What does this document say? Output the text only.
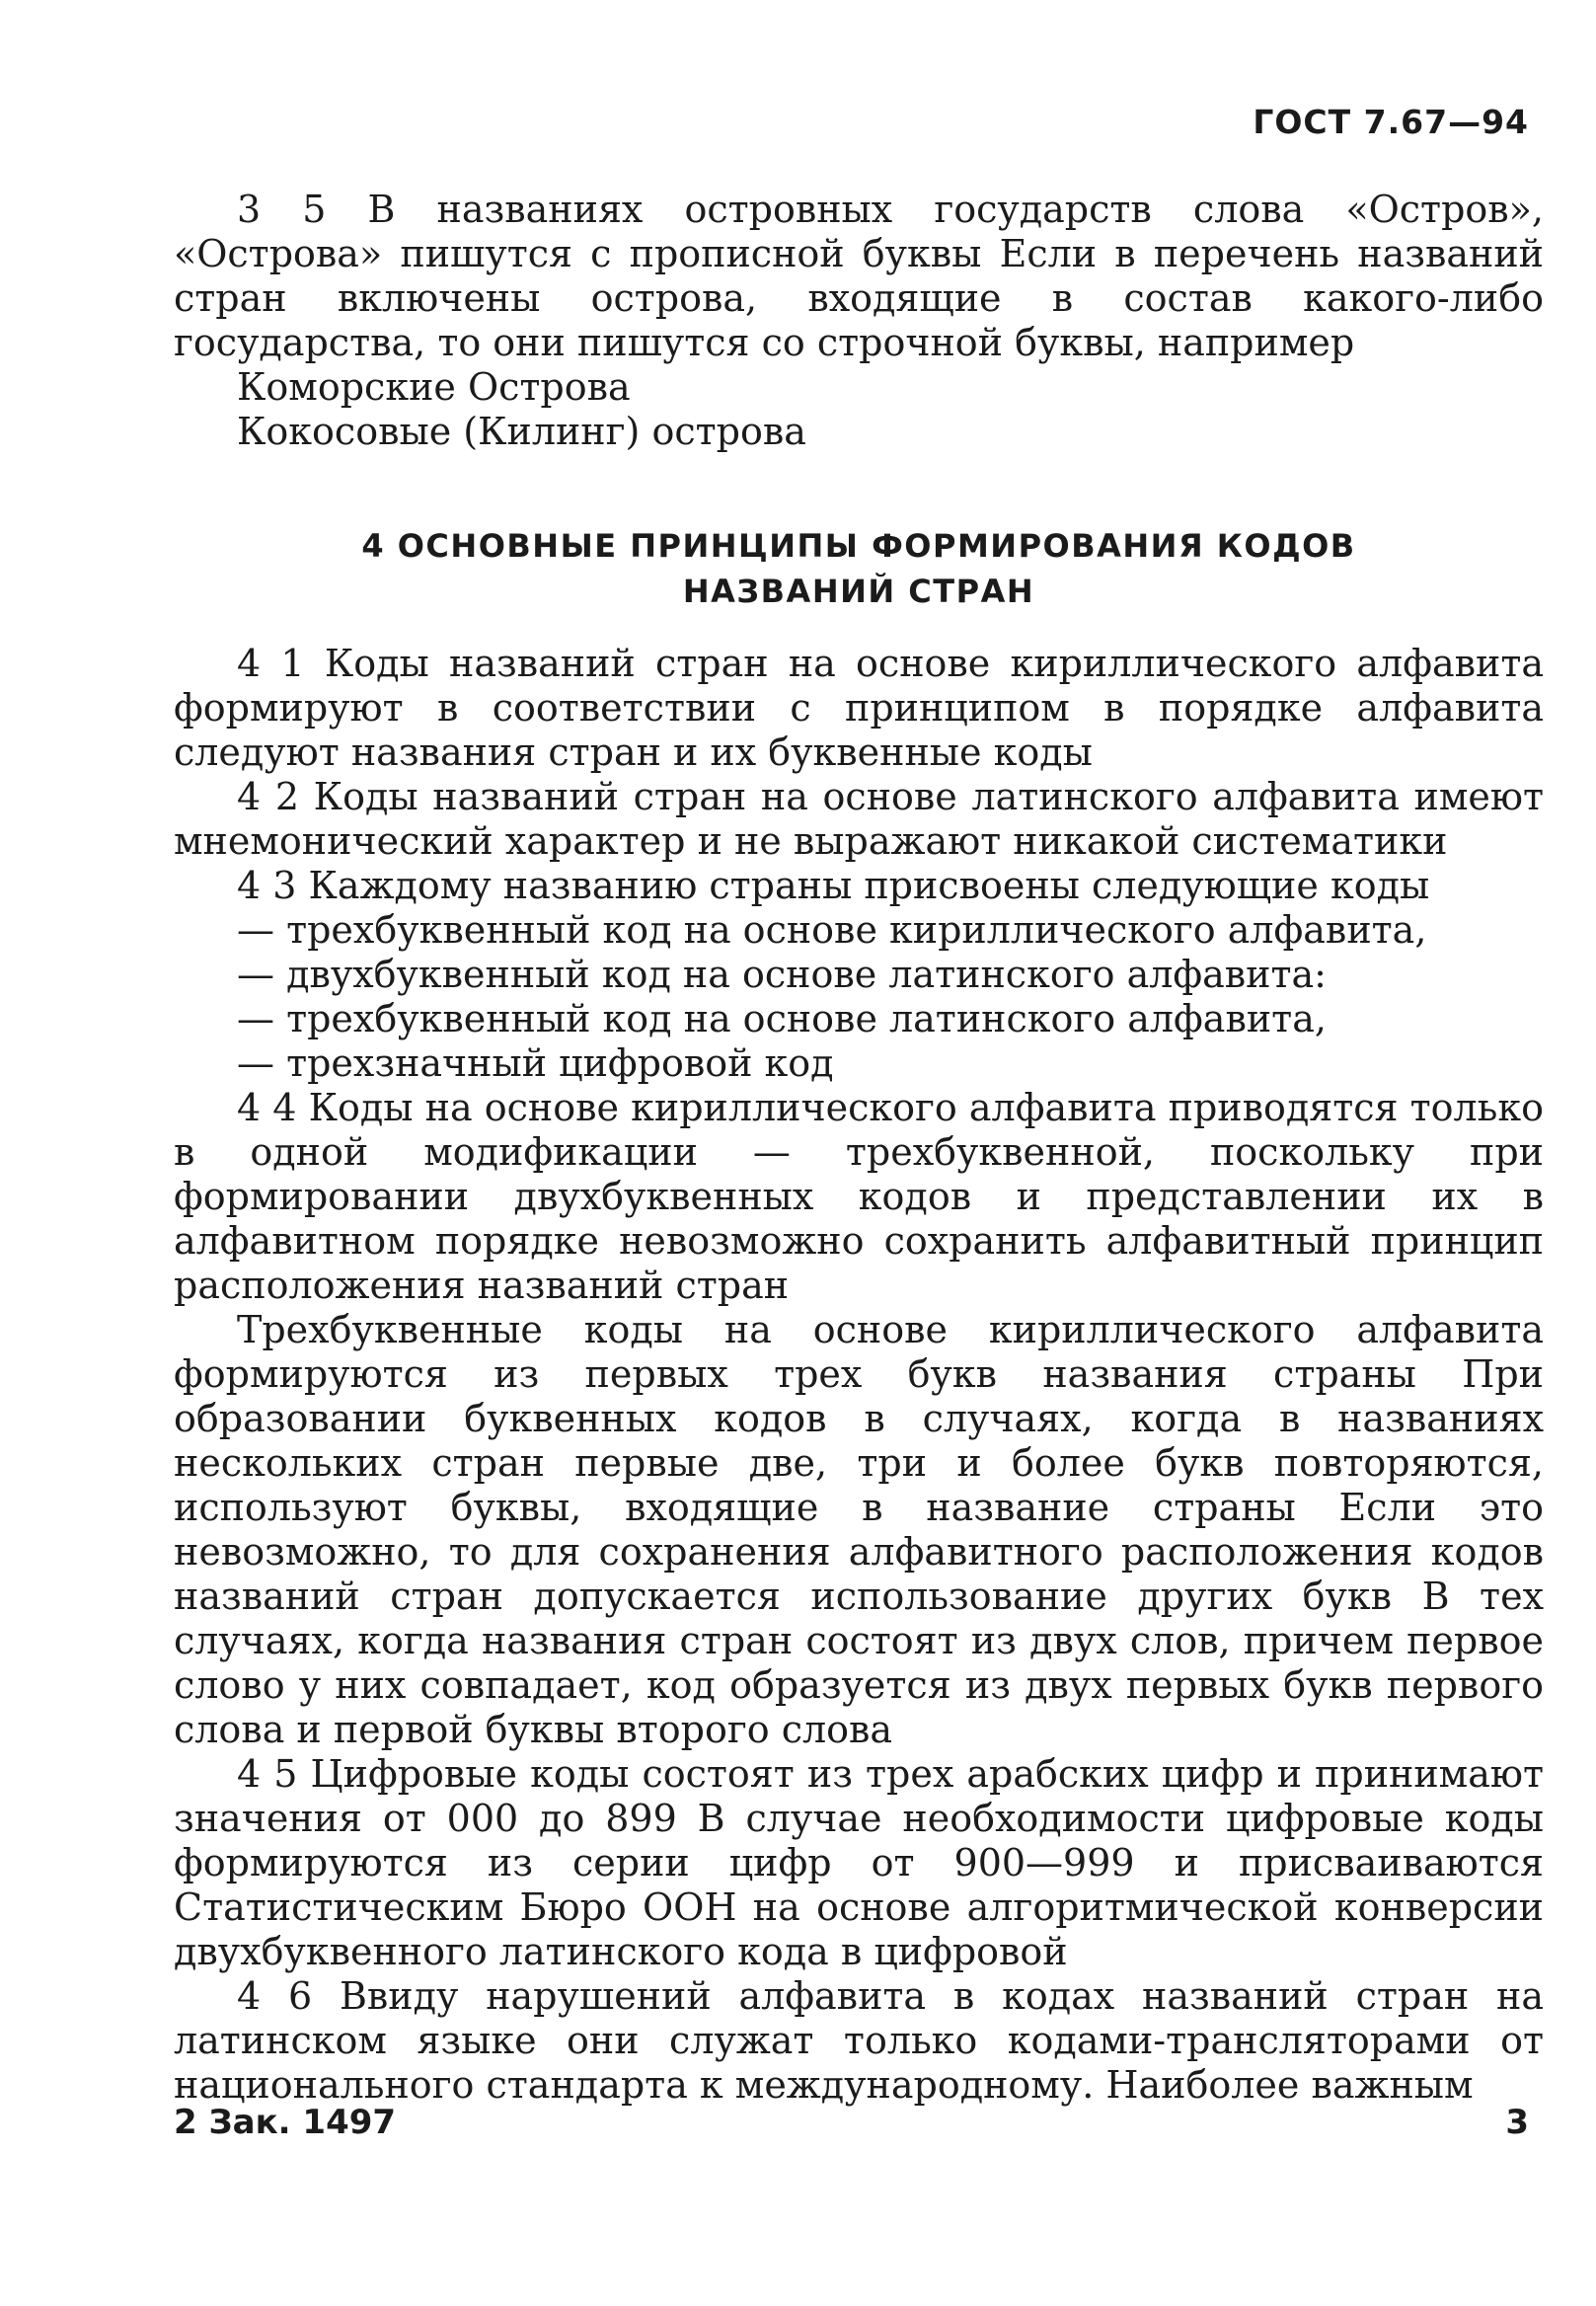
ГОСТ 7.67—94

3 5 В названиях островных государств слова «Остров», «Острова» пишутся с прописной буквы Если в перечень названий стран включены острова, входящие в состав какого-либо государства, то они пишутся со строчной буквы, например

Коморские Острова

Кокосовые (Килинг) острова

4 ОСНОВНЫЕ ПРИНЦИПЫ ФОРМИРОВАНИЯ КОДОВ
НАЗВАНИЙ СТРАН

4 1 Коды названий стран на основе кириллического алфавита формируют в соответствии с принципом в порядке алфавита следуют названия стран и их буквенные коды

4 2 Коды названий стран на основе латинского алфавита имеют мнемонический характер и не выражают никакой систематики

4 3 Каждому названию страны присвоены следующие коды

— трехбуквенный код на основе кириллического алфавита,

— двухбуквенный код на основе латинского алфавита:

— трехбуквенный код на основе латинского алфавита,

— трехзначный цифровой код

4 4 Коды на основе кириллического алфавита приводятся только в одной модификации — трехбуквенной, поскольку при формировании двухбуквенных кодов и представлении их в алфавитном порядке невозможно сохранить алфавитный принцип расположения названий стран

Трехбуквенные коды на основе кириллического алфавита формируются из первых трех букв названия страны При образовании буквенных кодов в случаях, когда в названиях нескольких стран первые две, три и более букв повторяются, используют буквы, входящие в название страны Если это невозможно, то для сохранения алфавитного расположения кодов названий стран допускается использование других букв В тех случаях, когда названия стран состоят из двух слов, причем первое слово у них совпадает, код образуется из двух первых букв первого слова и первой буквы второго слова

4 5 Цифровые коды состоят из трех арабских цифр и принимают значения от 000 до 899 В случае необходимости цифровые коды формируются из серии цифр от 900—999 и присваиваются Статистическим Бюро ООН на основе алгоритмической конверсии двухбуквенного латинского кода в цифровой

4 6 Ввиду нарушений алфавита в кодах названий стран на латинском языке они служат только кодами-трансляторами от национального стандарта к международному. Наиболее важным

2 Зак. 1497	3
